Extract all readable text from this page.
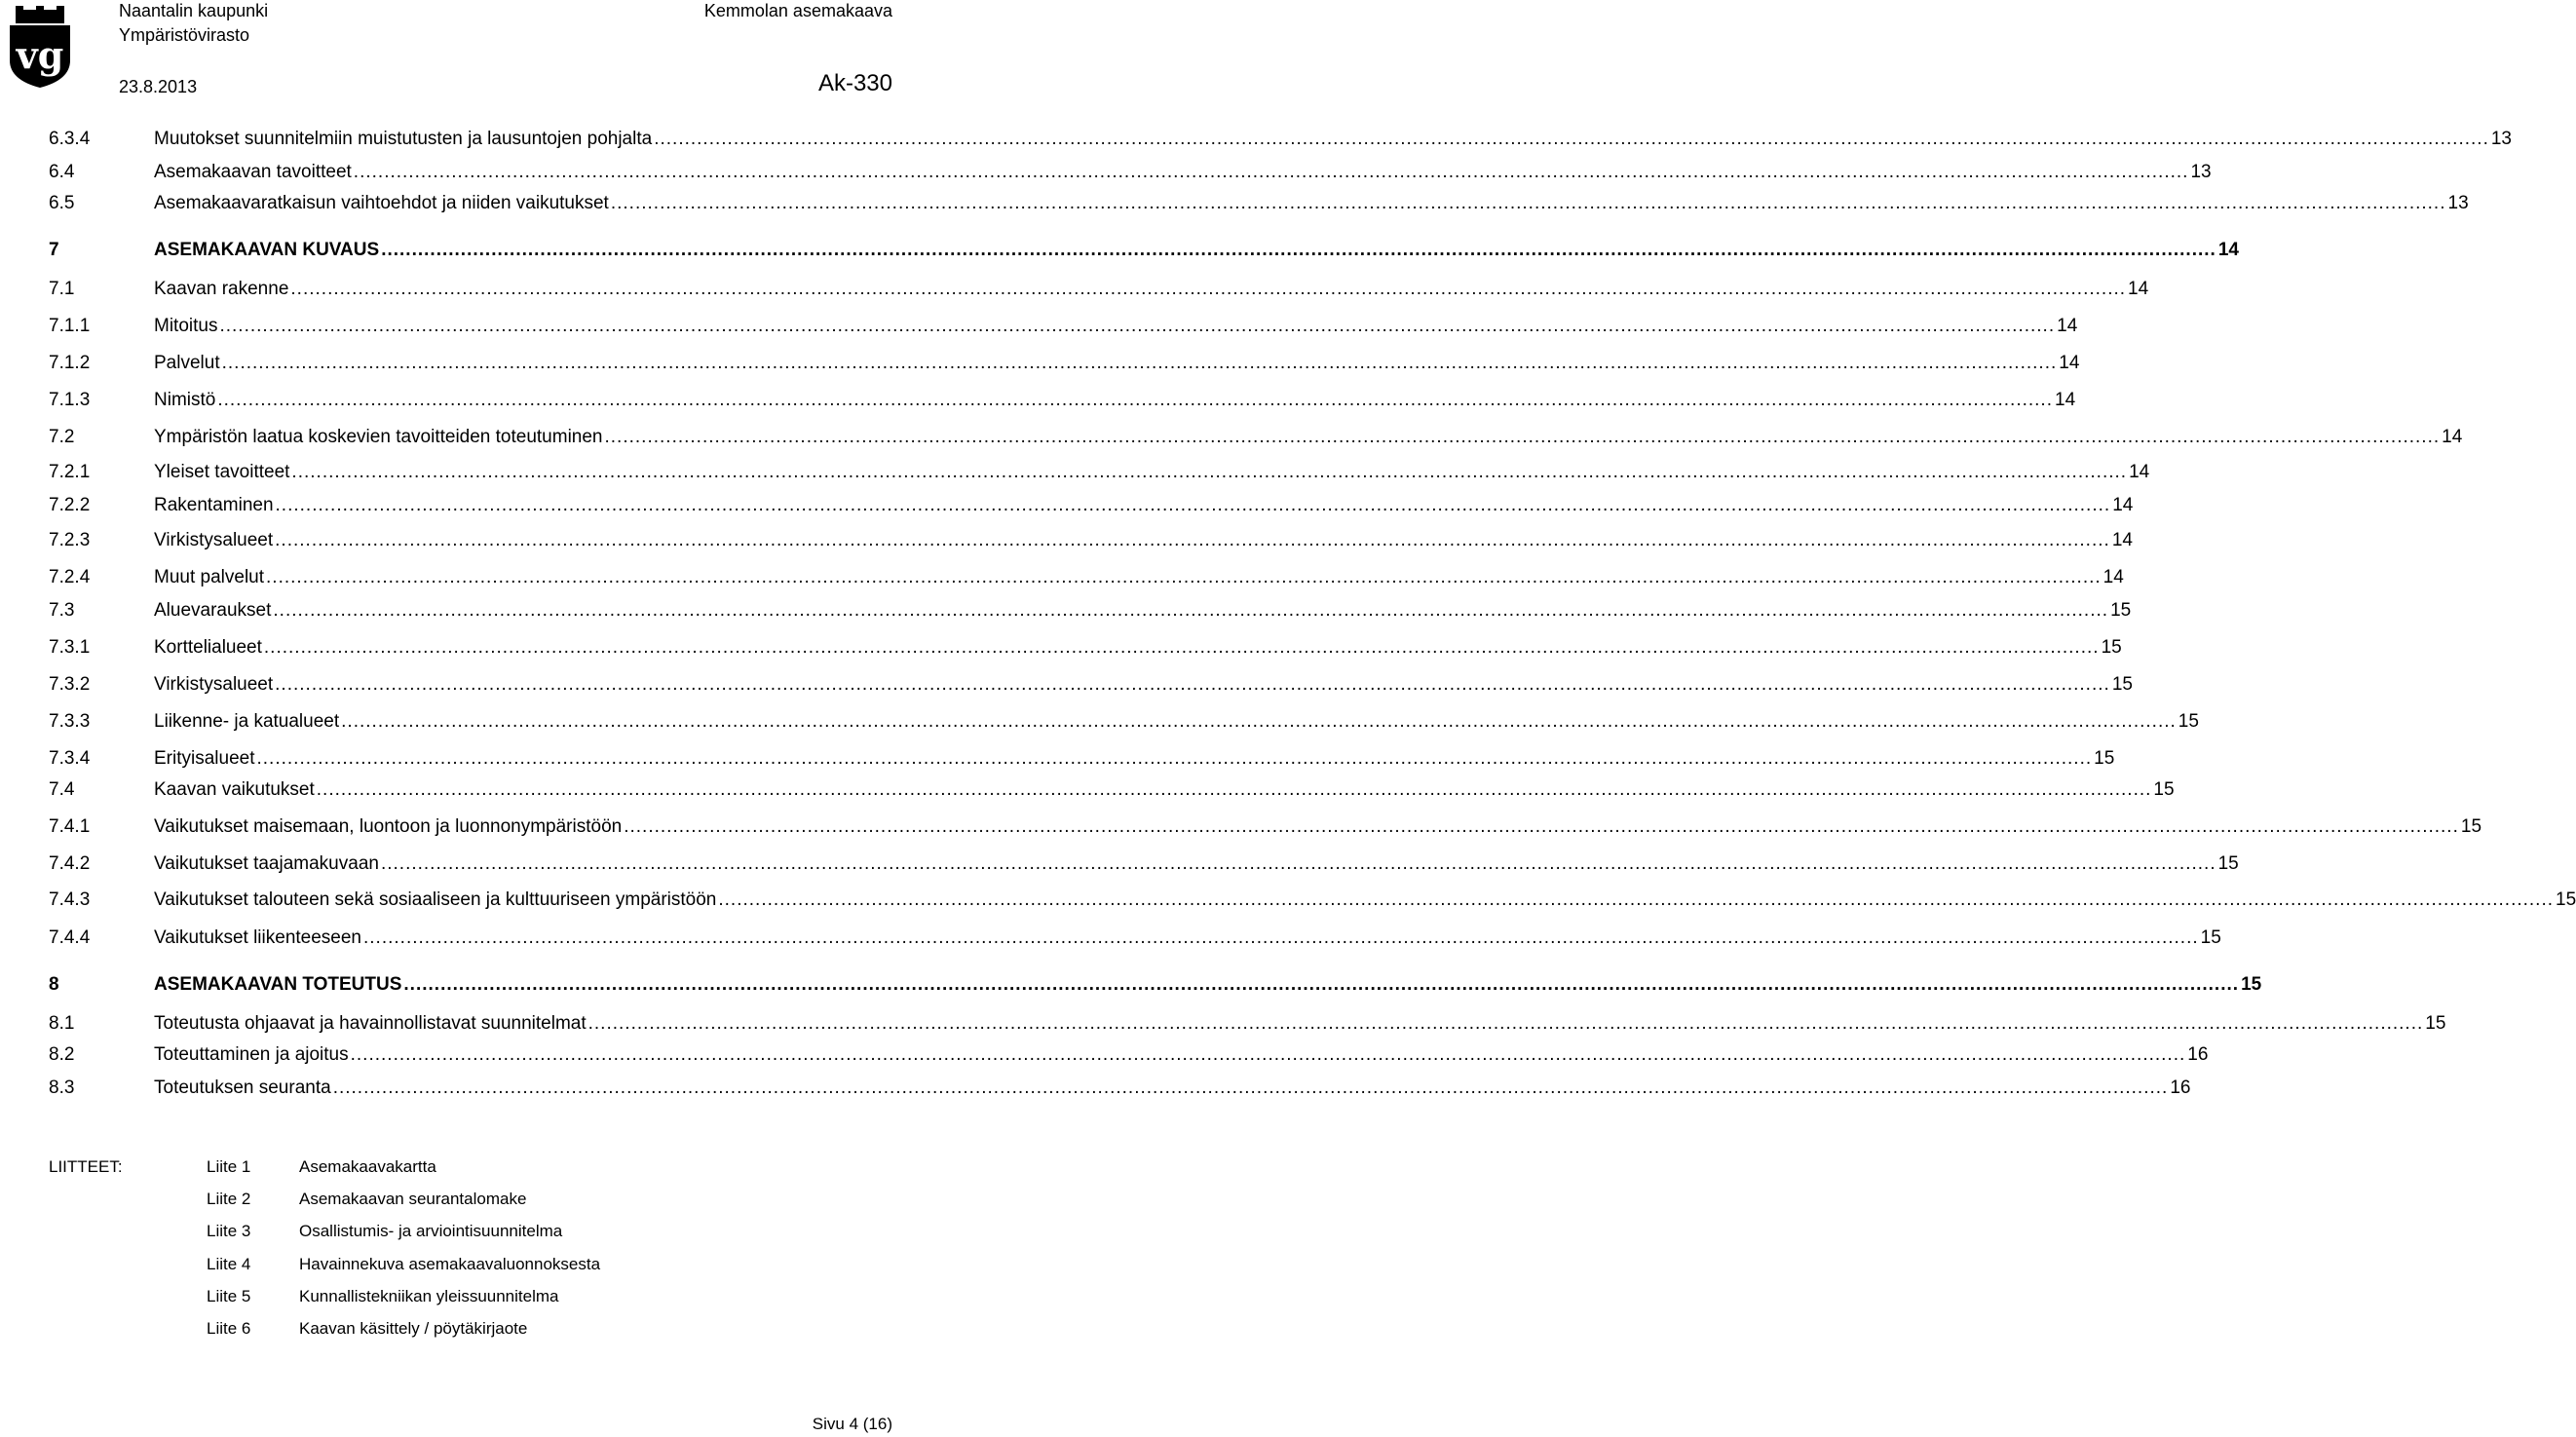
vg
Naantalin kaupunki
Ympäristövirasto
23.8.2013
Kemmolan asemakaava
Ak-330
6.3.4	Muutokset suunnitelmiin muistutusten ja lausuntojen pohjalta ............................................................................................................................................................................................................................................................................................................ 13
6.4	Asemakaavan tavoitteet ............................................................................................................................................................................................................................................................................................................ 13
6.5	Asemakaavaratkaisun vaihtoehdot ja niiden vaikutukset ............................................................................................................................................................................................................................................................................................................ 13
7	ASEMAKAAVAN KUVAUS ............................................................................................................................................................................................................................................................................................................ 14
7.1	Kaavan rakenne ............................................................................................................................................................................................................................................................................................................ 14
7.1.1	Mitoitus ............................................................................................................................................................................................................................................................................................................ 14
7.1.2	Palvelut ............................................................................................................................................................................................................................................................................................................ 14
7.1.3	Nimistö ............................................................................................................................................................................................................................................................................................................ 14
7.2	Ympäristön laatua koskevien tavoitteiden toteutuminen ............................................................................................................................................................................................................................................................................................................ 14
7.2.1	Yleiset tavoitteet ............................................................................................................................................................................................................................................................................................................ 14
7.2.2	Rakentaminen ............................................................................................................................................................................................................................................................................................................ 14
7.2.3	Virkistysalueet ............................................................................................................................................................................................................................................................................................................ 14
7.2.4	Muut palvelut ............................................................................................................................................................................................................................................................................................................ 14
7.3	Aluevaraukset ............................................................................................................................................................................................................................................................................................................ 15
7.3.1	Korttelialueet ............................................................................................................................................................................................................................................................................................................ 15
7.3.2	Virkistysalueet ............................................................................................................................................................................................................................................................................................................ 15
7.3.3	Liikenne- ja katualueet ............................................................................................................................................................................................................................................................................................................ 15
7.3.4	Erityisalueet ............................................................................................................................................................................................................................................................................................................ 15
7.4	Kaavan vaikutukset ............................................................................................................................................................................................................................................................................................................ 15
7.4.1	Vaikutukset maisemaan, luontoon ja luonnonympäristöön ............................................................................................................................................................................................................................................................................................................ 15
7.4.2	Vaikutukset taajamakuvaan ............................................................................................................................................................................................................................................................................................................ 15
7.4.3	Vaikutukset talouteen sekä sosiaaliseen ja kulttuuriseen ympäristöön ............................................................................................................................................................................................................................................................................................................ 15
7.4.4	Vaikutukset liikenteeseen ............................................................................................................................................................................................................................................................................................................ 15
8	ASEMAKAAVAN TOTEUTUS ............................................................................................................................................................................................................................................................................................................ 15
8.1	Toteutusta ohjaavat ja havainnollistavat suunnitelmat ............................................................................................................................................................................................................................................................................................................ 15
8.2	Toteuttaminen ja ajoitus ............................................................................................................................................................................................................................................................................................................ 16
8.3	Toteutuksen seuranta ............................................................................................................................................................................................................................................................................................................ 16
LIITTEET:	Liite 1	Asemakaavakartta
Liite 2	Asemakaavan seurantalomake
Liite 3	Osallistumis- ja arviointisuunnitelma
Liite 4	Havainnekuva asemakaavaluonnoksesta
Liite 5	Kunnallistekniikan yleissuunnitelma
Liite 6	Kaavan käsittely / pöytäkirjaote
Sivu 4 (16)
